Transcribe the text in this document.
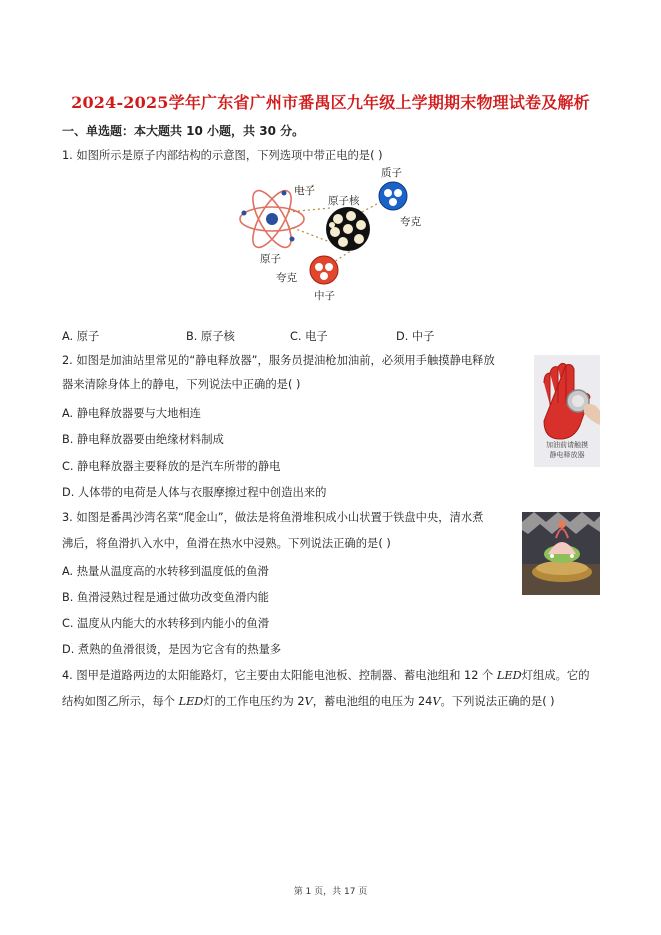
2024-2025学年广东省广州市番禺区九年级上学期期末物理试卷及解析
一、单选题：本大题共 10 小题，共 30 分。
1. 如图所示是原子内部结构的示意图，下列选项中带正电的是( )
电子
原子核
质子
夸克
原子
夸克
中子
A. 原子	B. 原子核	C. 电子	D. 中子
2. 如图是加油站里常见的“静电释放器”，服务员提油枪加油前，必须用手触摸静电释放
器来清除身体上的静电，下列说法中正确的是( )
A. 静电释放器要与大地相连
B. 静电释放器要由绝缘材料制成
C. 静电释放器主要释放的是汽车所带的静电
D. 人体带的电荷是人体与衣服摩擦过程中创造出来的
加油前请触摸
静电释放器
3. 如图是番禺沙湾名菜“爬金山”，做法是将鱼滑堆积成小山状置于铁盘中央，清水煮
沸后，将鱼滑扒入水中，鱼滑在热水中浸熟。下列说法正确的是( )
A. 热量从温度高的水转移到温度低的鱼滑
B. 鱼滑浸熟过程是通过做功改变鱼滑内能
C. 温度从内能大的水转移到内能小的鱼滑
D. 煮熟的鱼滑很烫，是因为它含有的热量多
4. 图甲是道路两边的太阳能路灯，它主要由太阳能电池板、控制器、蓄电池组和 12 个 LED灯组成。它的
结构如图乙所示，每个 LED灯的工作电压约为 2V，蓄电池组的电压为 24V。下列说法正确的是( )
第 1 页，共 17 页
